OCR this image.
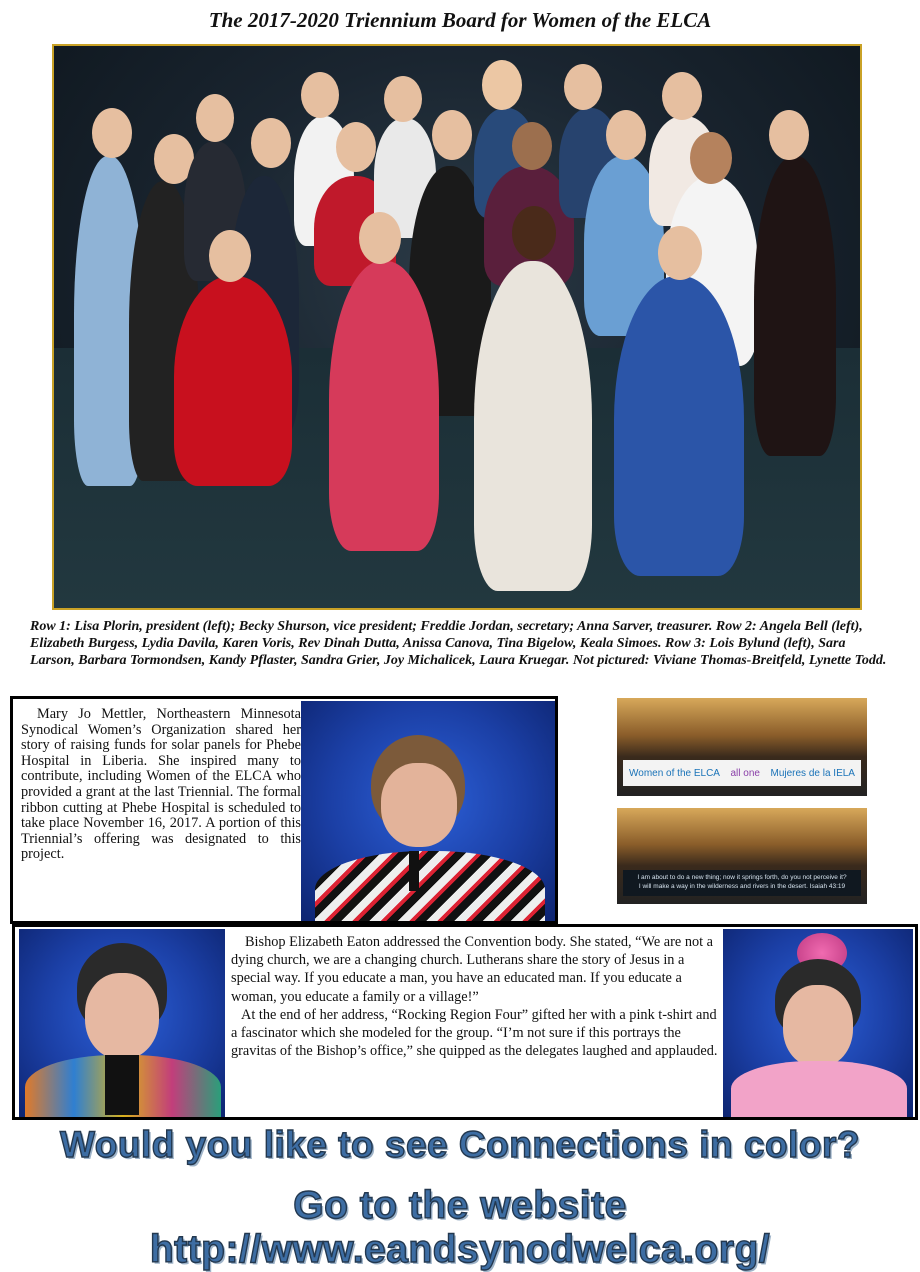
The 2017-2020 Triennium Board for Women of the ELCA
Row 1: Lisa Plorin, president (left); Becky Shurson, vice president; Freddie Jordan, secretary; Anna Sarver, treasurer. Row 2: Angela Bell (left), Elizabeth Burgess, Lydia Davila, Karen Voris, Rev Dinah Dutta, Anissa Canova, Tina Bigelow, Keala Simoes. Row 3: Lois Bylund (left), Sara Larson, Barbara Tormondsen, Kandy Pflaster, Sandra Grier, Joy Michalicek, Laura Kruegar. Not pictured: Viviane Thomas-Breitfeld, Lynette Todd.
Mary Jo Mettler, Northeastern Minnesota Synodical Women’s Organization shared her story of raising funds for solar panels for Phebe Hospital in Liberia. She inspired many to contribute, including Women of the ELCA who provided a grant at the last Triennial. The formal ribbon cutting at Phebe Hospital is scheduled to take place November 16, 2017. A portion of this Triennial’s offering was designated to this project.
Women of the ELCA all one Mujeres de la IELA
I am about to do a new thing; now it springs forth, do you not perceive it?
I will make a way in the wilderness and rivers in the desert. Isaiah 43:19
Bishop Elizabeth Eaton addressed the Convention body. She stated, “We are not a dying church, we are a changing church. Lutherans share the story of Jesus in a special way. If you educate a man, you have an educated man. If you educate a woman, you educate a family or a village!”
At the end of her address, “Rocking Region Four” gifted her with a pink t-shirt and a fascinator which she modeled for the group. “I’m not sure if this portrays the gravitas of the Bishop’s office,” she quipped as the delegates laughed and applauded.
Would you like to see Connections in color?
Go to the website http://www.eandsynodwelca.org/
